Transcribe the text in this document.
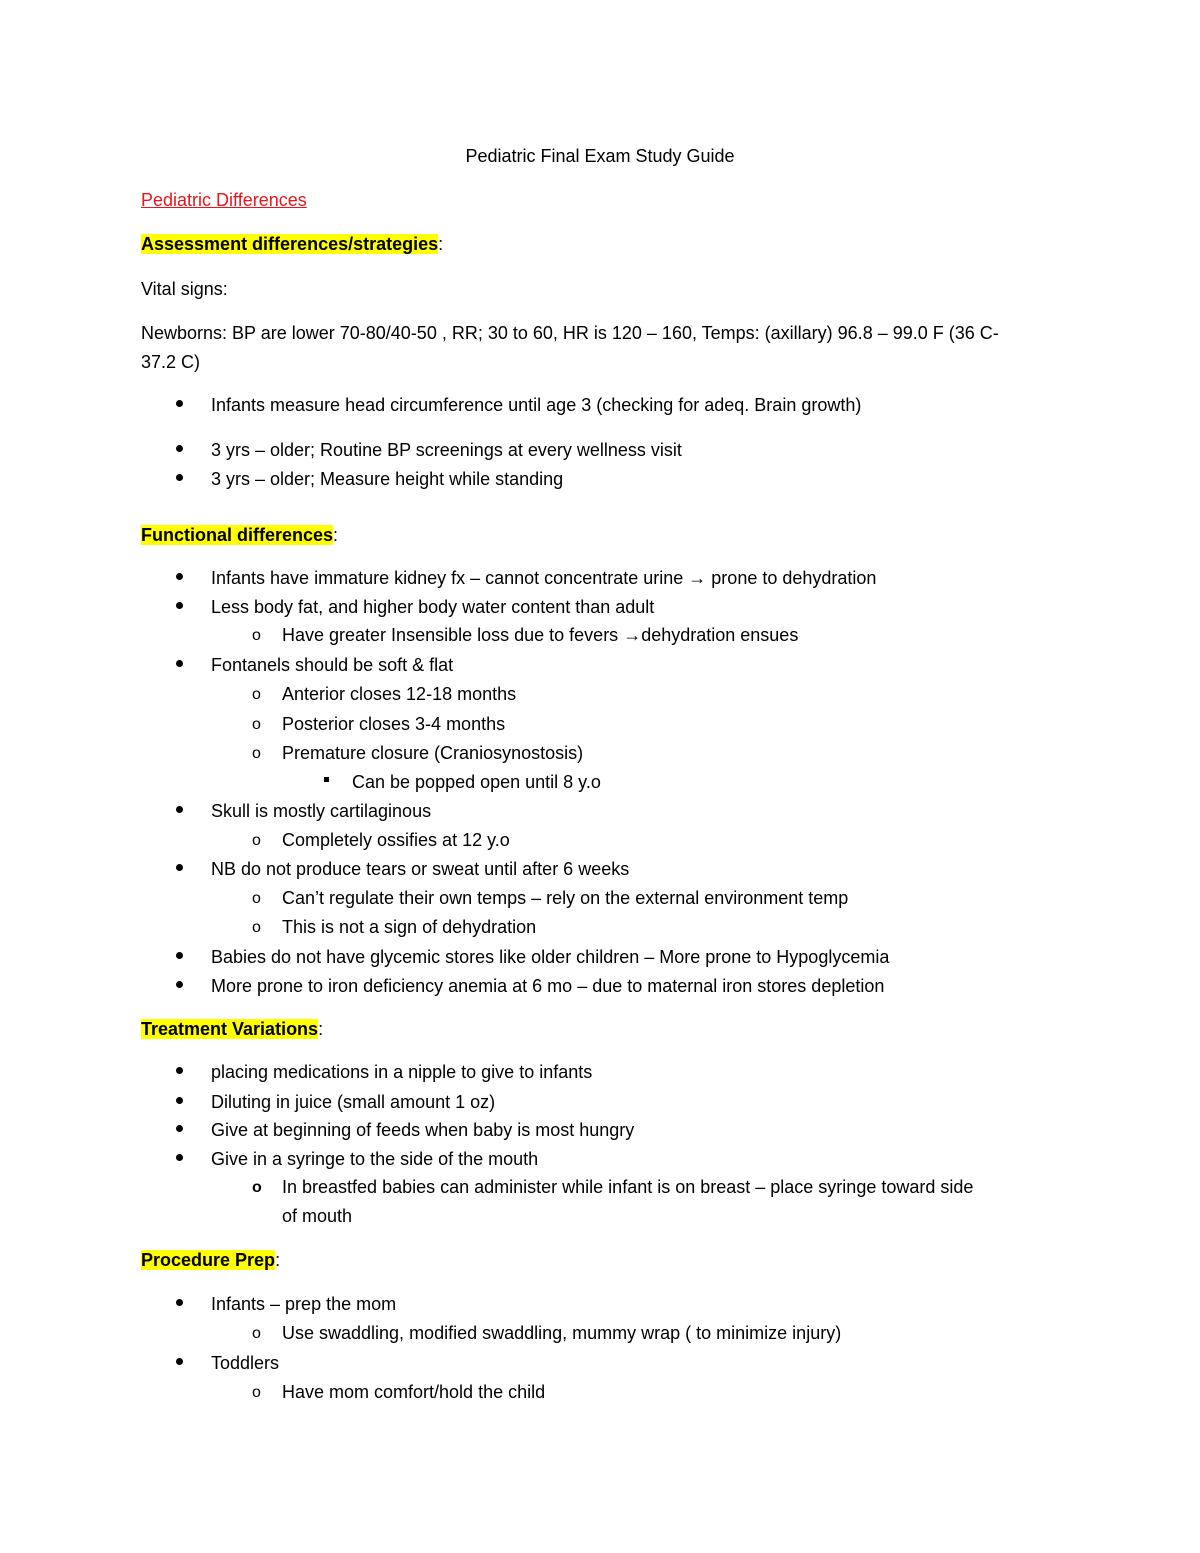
Pediatric Final Exam Study Guide
Pediatric Differences
Assessment differences/strategies:
Vital signs:
Newborns: BP are lower 70-80/40-50 , RR; 30 to 60, HR is 120 – 160, Temps: (axillary) 96.8 – 99.0 F (36 C-
37.2 C)
Infants measure head circumference until age 3 (checking for adeq. Brain growth)
3 yrs – older; Routine BP screenings at every wellness visit
3 yrs – older; Measure height while standing
Functional differences:
Infants have immature kidney fx – cannot concentrate urine → prone to dehydration
Less body fat, and higher body water content than adult
o Have greater Insensible loss due to fevers →dehydration ensues
Fontanels should be soft & flat
o Anterior closes 12-18 months
o Posterior closes 3-4 months
o Premature closure (Craniosynostosis)
Can be popped open until 8 y.o
Skull is mostly cartilaginous
o Completely ossifies at 12 y.o
NB do not produce tears or sweat until after 6 weeks
o Can’t regulate their own temps – rely on the external environment temp
o This is not a sign of dehydration
Babies do not have glycemic stores like older children – More prone to Hypoglycemia
More prone to iron deficiency anemia at 6 mo – due to maternal iron stores depletion
Treatment Variations:
placing medications in a nipple to give to infants
Diluting in juice (small amount 1 oz)
Give at beginning of feeds when baby is most hungry
Give in a syringe to the side of the mouth
o In breastfed babies can administer while infant is on breast – place syringe toward side
of mouth
Procedure Prep:
Infants – prep the mom
o Use swaddling, modified swaddling, mummy wrap ( to minimize injury)
Toddlers
o Have mom comfort/hold the child
